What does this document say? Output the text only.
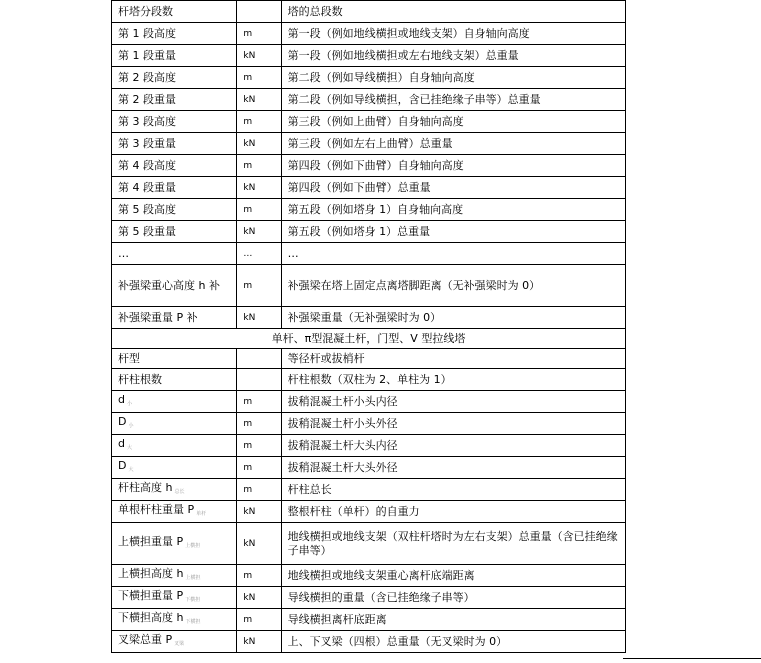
杆塔分段数		塔的总段数
第 1 段高度	m	第一段（例如地线横担或地线支架）自身轴向高度
第 1 段重量	kN	第一段（例如地线横担或左右地线支架）总重量
第 2 段高度	m	第二段（例如导线横担）自身轴向高度
第 2 段重量	kN	第二段（例如导线横担，含已挂绝缘子串等）总重量
第 3 段高度	m	第三段（例如上曲臂）自身轴向高度
第 3 段重量	kN	第三段（例如左右上曲臂）总重量
第 4 段高度	m	第四段（例如下曲臂）自身轴向高度
第 4 段重量	kN	第四段（例如下曲臂）总重量
第 5 段高度	m	第五段（例如塔身 1）自身轴向高度
第 5 段重量	kN	第五段（例如塔身 1）总重量
…	…	…
补强梁重心高度 h 补	m	补强梁在塔上固定点离塔脚距离（无补强梁时为 0）
补强梁重量 P 补	kN	补强梁重量（无补强梁时为 0）
单杆、π型混凝土杆，门型、V 型拉线塔		
杆型		等径杆或拔梢杆
杆柱根数		杆柱根数（双柱为 2、单柱为 1）
d $_小$	m	拔稍混凝土杆小头内径
D $_小$	m	拔稍混凝土杆小头外径
d $_大$	m	拔稍混凝土杆大头内径
D $_大$	m	拔稍混凝土杆大头外径
杆柱高度 h $_{总长}$	m	杆柱总长
单根杆柱重量 P $_{单杆}$	kN	整根杆柱（单杆）的自重力
上横担重量 P $_{上横担}$	kN	地线横担或地线支架（双柱杆塔时为左右支架）总重量（含已挂绝缘子串等）
上横担高度 h $_{上横担}$	m	地线横担或地线支架重心离杆底端距离
下横担重量 P $_{下横担}$	kN	导线横担的重量（含已挂绝缘子串等）
下横担高度 h $_{下横担}$	m	导线横担离杆底距离
叉梁总重 P $_{叉梁}$	kN	上、下叉梁（四根）总重量（无叉梁时为 0）
